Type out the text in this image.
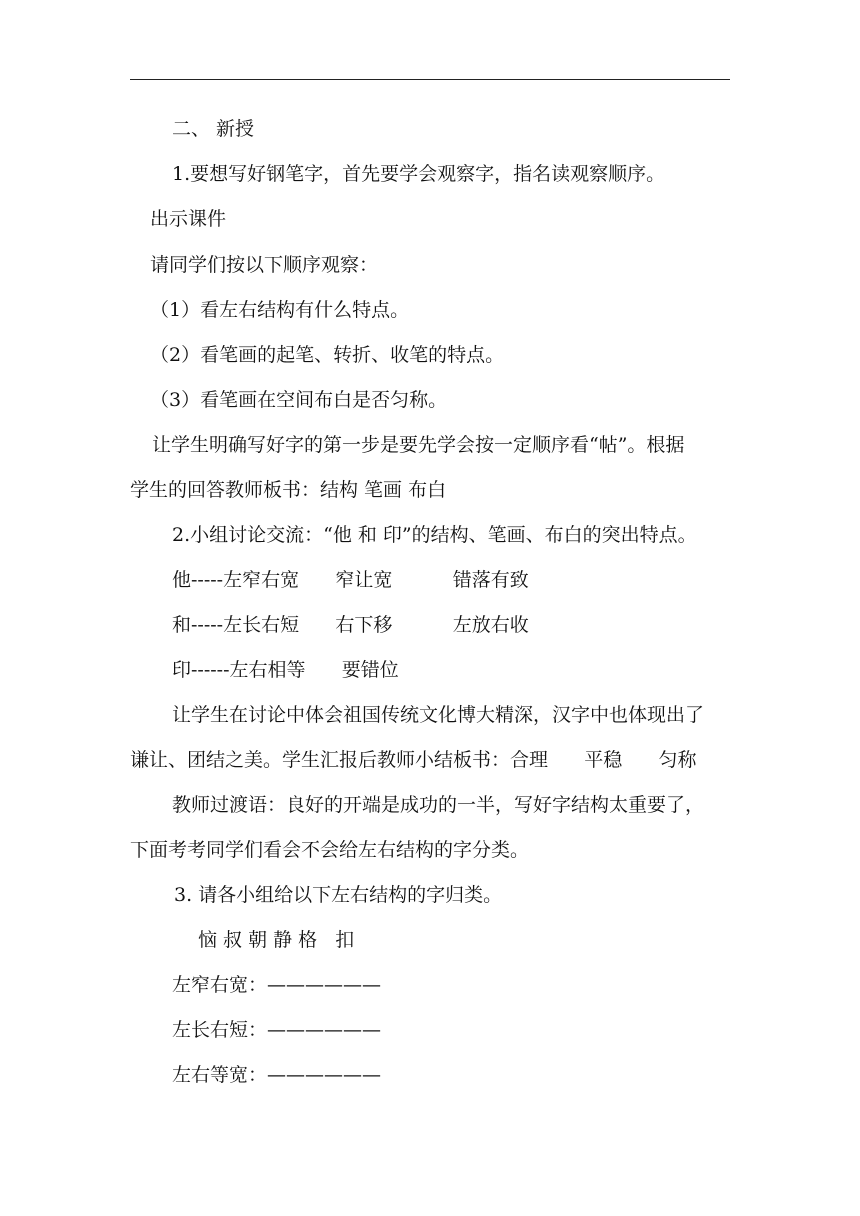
二、 新授
1.要想写好钢笔字，首先要学会观察字，指名读观察顺序。
出示课件
请同学们按以下顺序观察：
（1）看左右结构有什么特点。
（2）看笔画的起笔、转折、收笔的特点。
（3）看笔画在空间布白是否匀称。
让学生明确写好字的第一步是要先学会按一定顺序看“帖”。根据
学生的回答教师板书：结构 笔画 布白
2.小组讨论交流：“他 和 印”的结构、笔画、布白的突出特点。
他-----左窄右宽      窄让宽          错落有致
和-----左长右短      右下移          左放右收
印------左右相等      要错位
让学生在讨论中体会祖国传统文化博大精深，汉字中也体现出了
谦让、团结之美。学生汇报后教师小结板书：合理      平稳      匀称
教师过渡语：良好的开端是成功的一半，写好字结构太重要了，
下面考考同学们看会不会给左右结构的字分类。
3. 请各小组给以下左右结构的字归类。
恼 叔 朝 静 格   扣
左窄右宽：——————
左长右短：——————
左右等宽：——————
